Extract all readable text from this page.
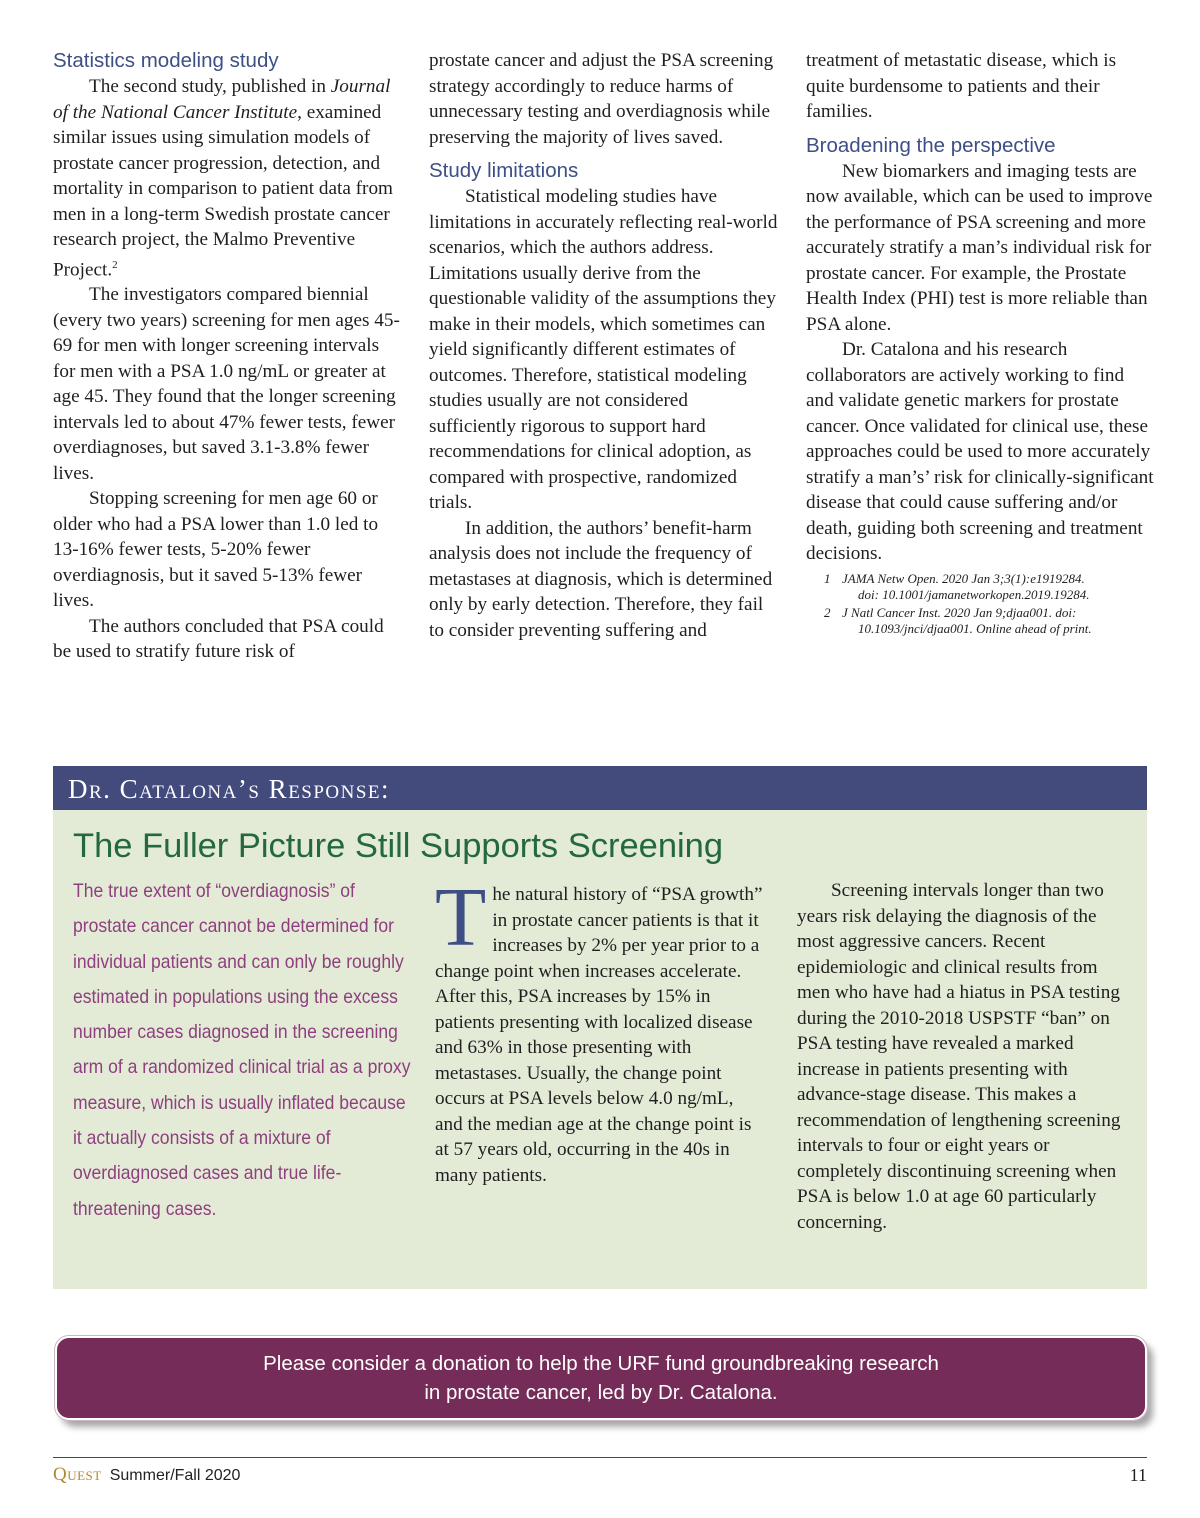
Statistics modeling study

The second study, published in Journal of the National Cancer Institute, examined similar issues using simulation models of prostate cancer progression, detection, and mortality in comparison to patient data from men in a long-term Swedish prostate cancer research project, the Malmo Preventive Project.$^2$

The investigators compared biennial (every two years) screening for men ages 45-69 for men with longer screening intervals for men with a PSA 1.0 ng/mL or greater at age 45. They found that the longer screening intervals led to about 47% fewer tests, fewer overdiagnoses, but saved 3.1-3.8% fewer lives.

Stopping screening for men age 60 or older who had a PSA lower than 1.0 led to 13-16% fewer tests, 5-20% fewer overdiagnosis, but it saved 5-13% fewer lives.

The authors concluded that PSA could be used to stratify future risk of

prostate cancer and adjust the PSA screening strategy accordingly to reduce harms of unnecessary testing and overdiagnosis while preserving the majority of lives saved.

Study limitations

Statistical modeling studies have limitations in accurately reflecting real-world scenarios, which the authors address. Limitations usually derive from the questionable validity of the assumptions they make in their models, which sometimes can yield significantly different estimates of outcomes. Therefore, statistical modeling studies usually are not considered sufficiently rigorous to support hard recommendations for clinical adoption, as compared with prospective, randomized trials.

In addition, the authors’ benefit-harm analysis does not include the frequency of metastases at diagnosis, which is determined only by early detection. Therefore, they fail to consider preventing suffering and

treatment of metastatic disease, which is quite burdensome to patients and their families.

Broadening the perspective

New biomarkers and imaging tests are now available, which can be used to improve the performance of PSA screening and more accurately stratify a man’s individual risk for prostate cancer. For example, the Prostate Health Index (PHI) test is more reliable than PSA alone.

Dr. Catalona and his research collaborators are actively working to find and validate genetic markers for prostate cancer. Once validated for clinical use, these approaches could be used to more accurately stratify a man’s’ risk for clinically-significant disease that could cause suffering and/or death, guiding both screening and treatment decisions.

1 JAMA Netw Open. 2020 Jan 3;3(1):e1919284.
doi: 10.1001/jamanetworkopen.2019.19284.
2 J Natl Cancer Inst. 2020 Jan 9;djaa001. doi:
10.1093/jnci/djaa001. Online ahead of print.
Dr. Catalona’s Response:
The Fuller Picture Still Supports Screening
The true extent of “overdiagnosis” of prostate cancer cannot be determined for individual patients and can only be roughly estimated in populations using the excess number cases diagnosed in the screening arm of a randomized clinical trial as a proxy measure, which is usually inflated because it actually consists of a mixture of overdiagnosed cases and true life-threatening cases.
T he natural history of “PSA growth” in prostate cancer patients is that it increases by 2% per year prior to a change point when increases accelerate. After this, PSA increases by 15% in patients presenting with localized disease and 63% in those presenting with metastases. Usually, the change point occurs at PSA levels below 4.0 ng/mL, and the median age at the change point is at 57 years old, occurring in the 40s in many patients.

Screening intervals longer than two years risk delaying the diagnosis of the most aggressive cancers. Recent epidemiologic and clinical results from men who have had a hiatus in PSA testing during the 2010-2018 USPSTF “ban” on PSA testing have revealed a marked increase in patients presenting with advance-stage disease. This makes a recommendation of lengthening screening intervals to four or eight years or completely discontinuing screening when PSA is below 1.0 at age 60 particularly concerning.

Please consider a donation to help the URF fund groundbreaking research
in prostate cancer, led by Dr. Catalona.
Quest Summer/Fall 2020	11
